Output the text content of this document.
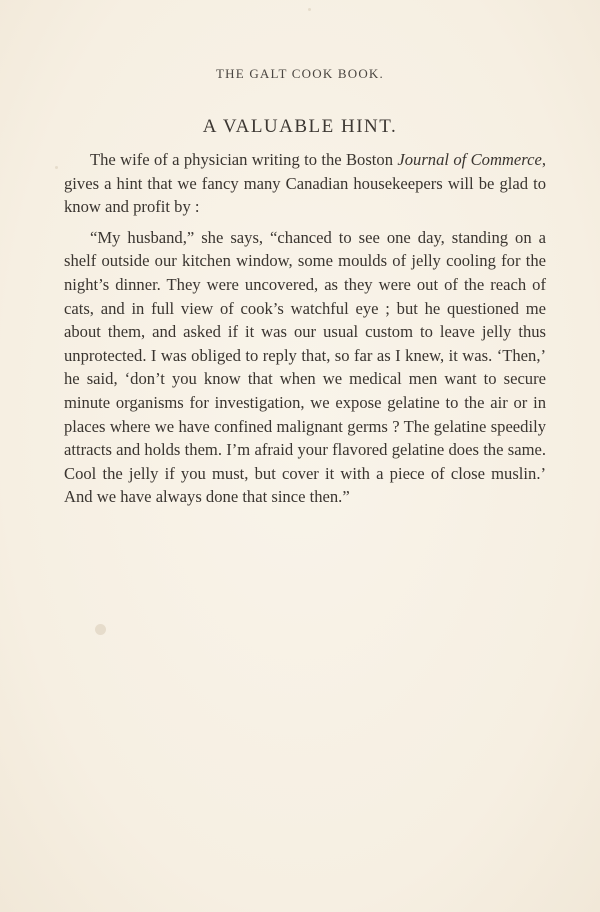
THE GALT COOK BOOK.
A VALUABLE HINT.

The wife of a physician writing to the Boston Journal of Commerce, gives a hint that we fancy many Canadian housekeepers will be glad to know and profit by :

“My husband,” she says, “chanced to see one day, standing on a shelf outside our kitchen window, some moulds of jelly cooling for the night’s dinner. They were uncovered, as they were out of the reach of cats, and in full view of cook’s watchful eye ; but he questioned me about them, and asked if it was our usual custom to leave jelly thus unprotected. I was obliged to reply that, so far as I knew, it was. ‘Then,’ he said, ‘don’t you know that when we medical men want to secure minute organisms for investigation, we expose gelatine to the air or in places where we have confined malignant germs ? The gelatine speedily attracts and holds them. I’m afraid your flavored gelatine does the same. Cool the jelly if you must, but cover it with a piece of close muslin.’ And we have always done that since then.”
